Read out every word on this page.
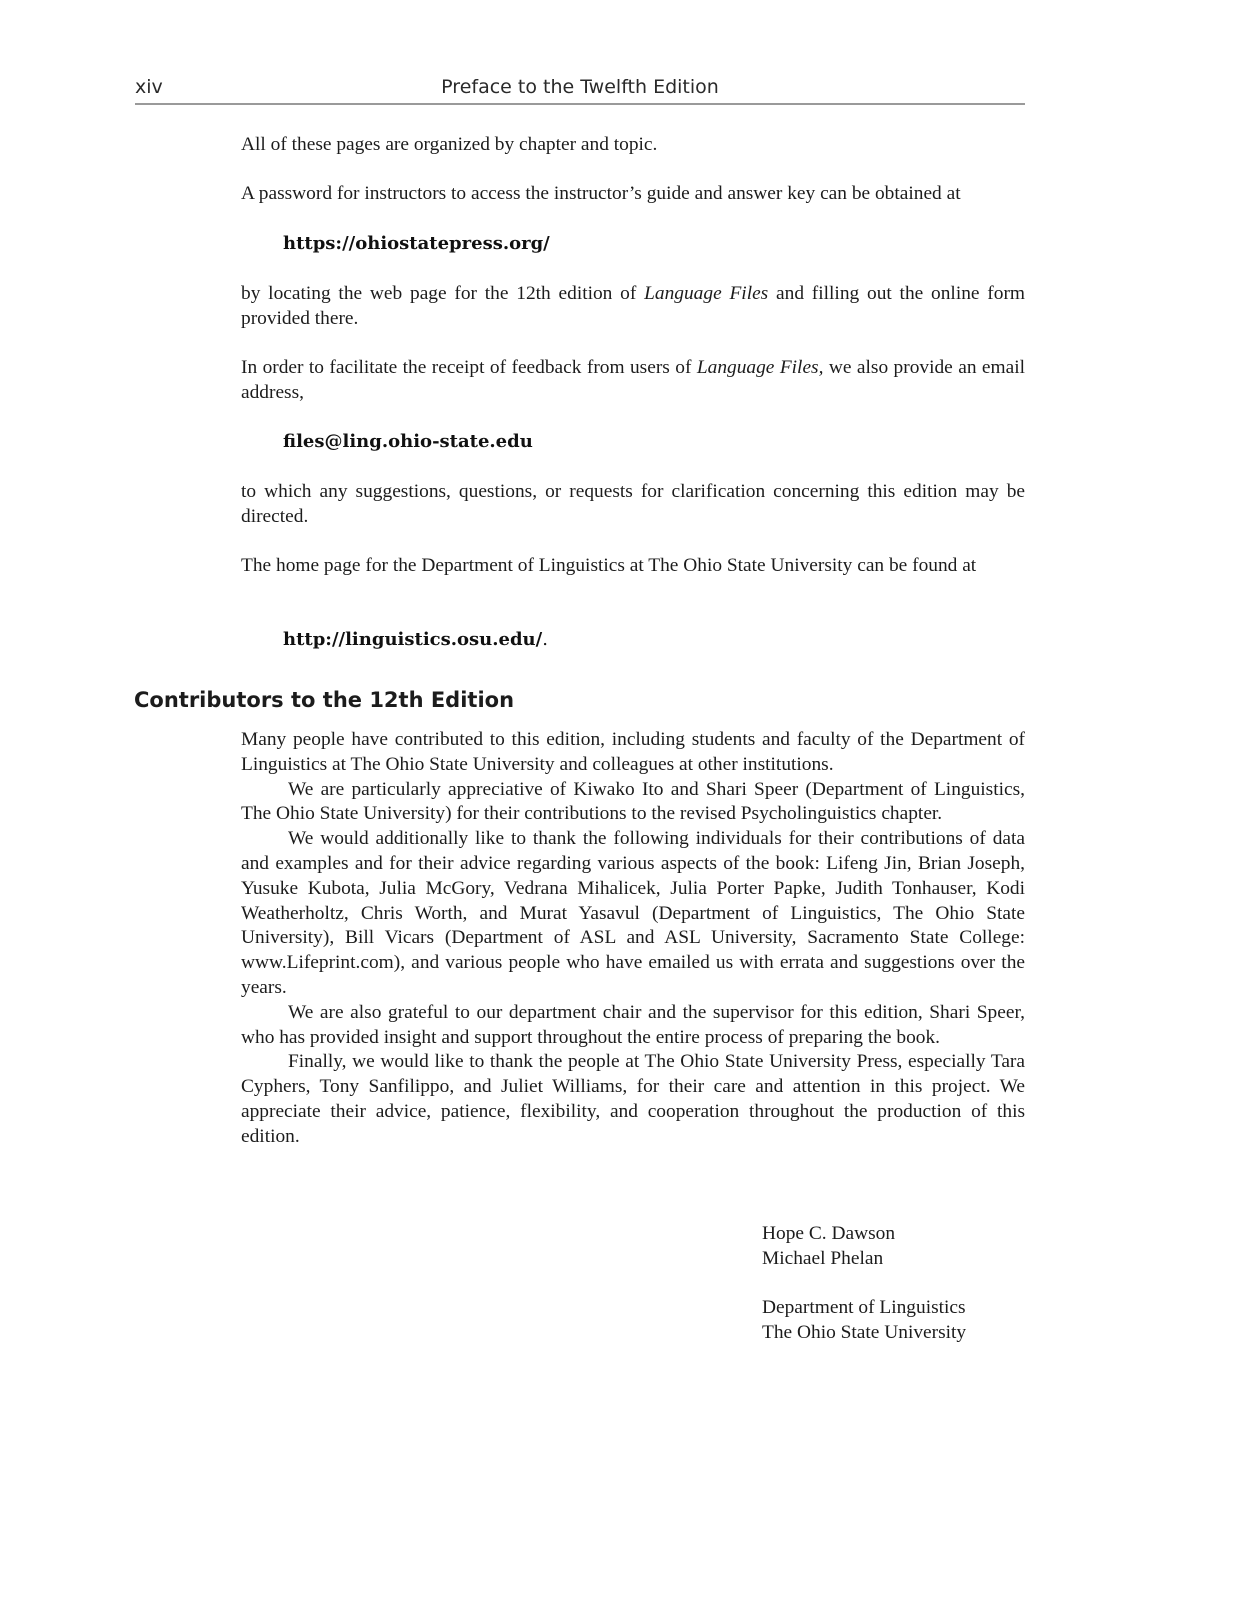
xiv	Preface to the Twelfth Edition

All of these pages are organized by chapter and topic.

A password for instructors to access the instructor’s guide and answer key can be obtained at

https://ohiostatepress.org/

by locating the web page for the 12th edition of Language Files and filling out the online form provided there.

In order to facilitate the receipt of feedback from users of Language Files, we also provide an email address,

files@ling.ohio-state.edu

to which any suggestions, questions, or requests for clarification concerning this edition may be directed.

The home page for the Department of Linguistics at The Ohio State University can be found at

http://linguistics.osu.edu/.
Contributors to the 12th Edition

Many people have contributed to this edition, including students and faculty of the Department of Linguistics at The Ohio State University and colleagues at other institutions.

We are particularly appreciative of Kiwako Ito and Shari Speer (Department of Linguistics, The Ohio State University) for their contributions to the revised Psycholinguistics chapter.

We would additionally like to thank the following individuals for their contributions of data and examples and for their advice regarding various aspects of the book: Lifeng Jin, Brian Joseph, Yusuke Kubota, Julia McGory, Vedrana Mihalicek, Julia Porter Papke, Judith Tonhauser, Kodi Weatherholtz, Chris Worth, and Murat Yasavul (Department of Linguistics, The Ohio State University), Bill Vicars (Department of ASL and ASL University, Sacramento State College: www.Lifeprint.com), and various people who have emailed us with errata and suggestions over the years.

We are also grateful to our department chair and the supervisor for this edition, Shari Speer, who has provided insight and support throughout the entire process of preparing the book.

Finally, we would like to thank the people at The Ohio State University Press, especially Tara Cyphers, Tony Sanfilippo, and Juliet Williams, for their care and attention in this project. We appreciate their advice, patience, flexibility, and cooperation throughout the production of this edition.

Hope C. Dawson
Michael Phelan
Department of Linguistics
The Ohio State University
